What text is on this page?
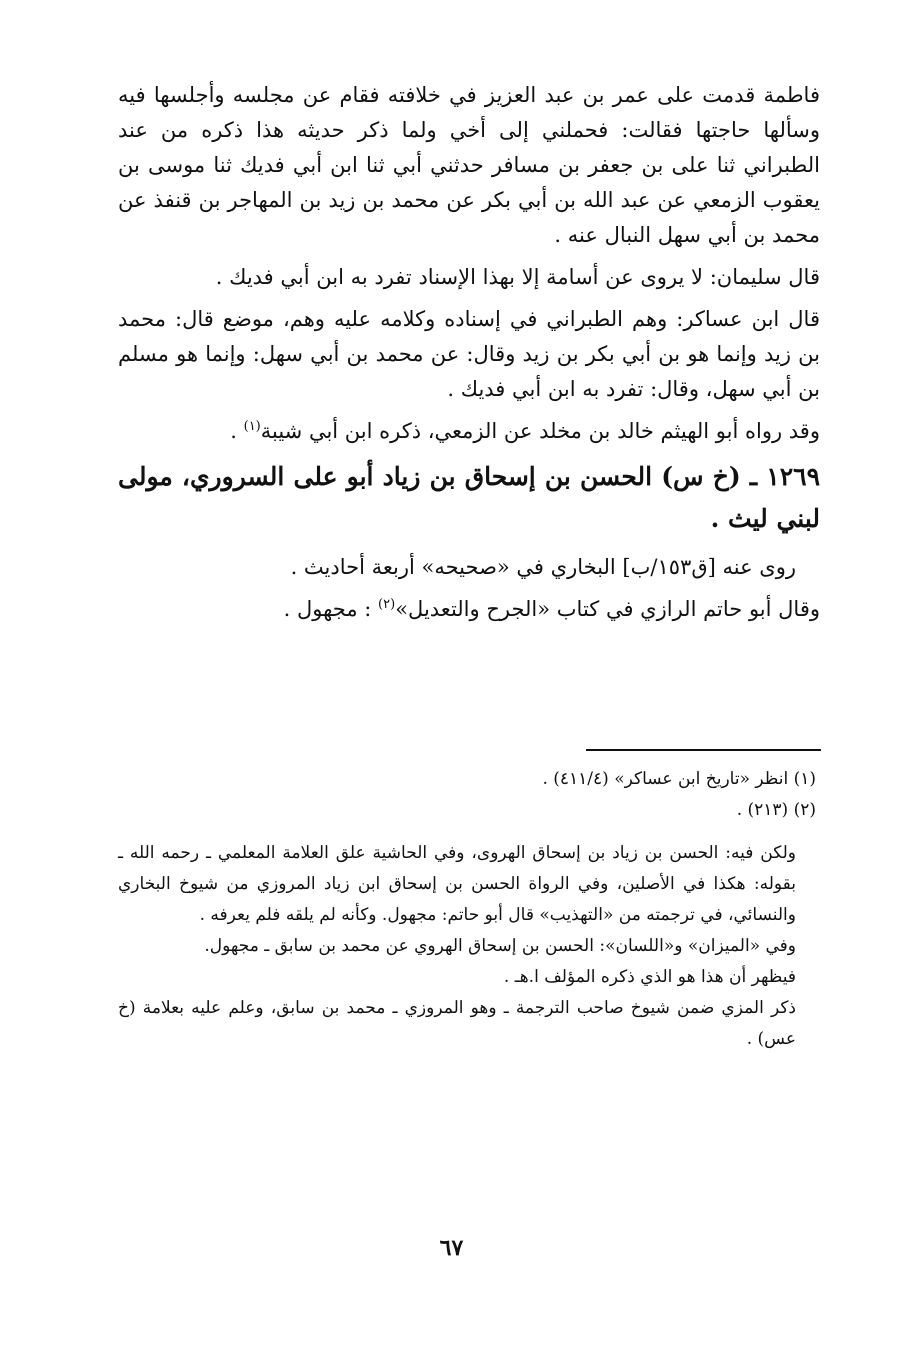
فاطمة قدمت على عمر بن عبد العزيز في خلافته فقام عن مجلسه وأجلسها فيه وسألها حاجتها فقالت: فحملني إلى أخي ولما ذكر حديثه هذا ذكره من عند الطبراني ثنا على بن جعفر بن مسافر حدثني أبي ثنا ابن أبي فديك ثنا موسى بن يعقوب الزمعي عن عبد الله بن أبي بكر عن محمد بن زيد بن المهاجر بن قنفذ عن محمد بن أبي سهل النبال عنه .

قال سليمان: لا يروى عن أسامة إلا بهذا الإسناد تفرد به ابن أبي فديك .

قال ابن عساكر: وهم الطبراني في إسناده وكلامه عليه وهم، موضع قال: محمد بن زيد وإنما هو بن أبي بكر بن زيد وقال: عن محمد بن أبي سهل: وإنما هو مسلم بن أبي سهل، وقال: تفرد به ابن أبي فديك .

وقد رواه أبو الهيثم خالد بن مخلد عن الزمعي، ذكره ابن أبي شيبة$^{(١)}$ .

١٢٦٩ ـ (خ س) الحسن بن إسحاق بن زياد أبو على السروري، مولى لبني ليث .

روى عنه [ق١٥٣/ب] البخاري في «صحيحه» أربعة أحاديث .

وقال أبو حاتم الرازي في كتاب «الجرح والتعديل»$^{(٢)}$ : مجهول .

(١) انظر «تاريخ ابن عساكر» (٤١١/٤) .

(٢) (٢١٣) .

ولكن فيه: الحسن بن زياد بن إسحاق الهروى، وفي الحاشية علق العلامة المعلمي ـ رحمه الله ـ بقوله: هكذا في الأصلين، وفي الرواة الحسن بن إسحاق ابن زياد المروزي من شيوخ البخاري والنسائي، في ترجمته من «التهذيب» قال أبو حاتم: مجهول. وكأنه لم يلقه فلم يعرفه .

وفي «الميزان» و«اللسان»: الحسن بن إسحاق الهروي عن محمد بن سابق ـ مجهول.

فيظهر أن هذا هو الذي ذكره المؤلف ا.هـ .

ذكر المزي ضمن شيوخ صاحب الترجمة ـ وهو المروزي ـ محمد بن سابق، وعلم عليه بعلامة (خ عس) .

٦٧
